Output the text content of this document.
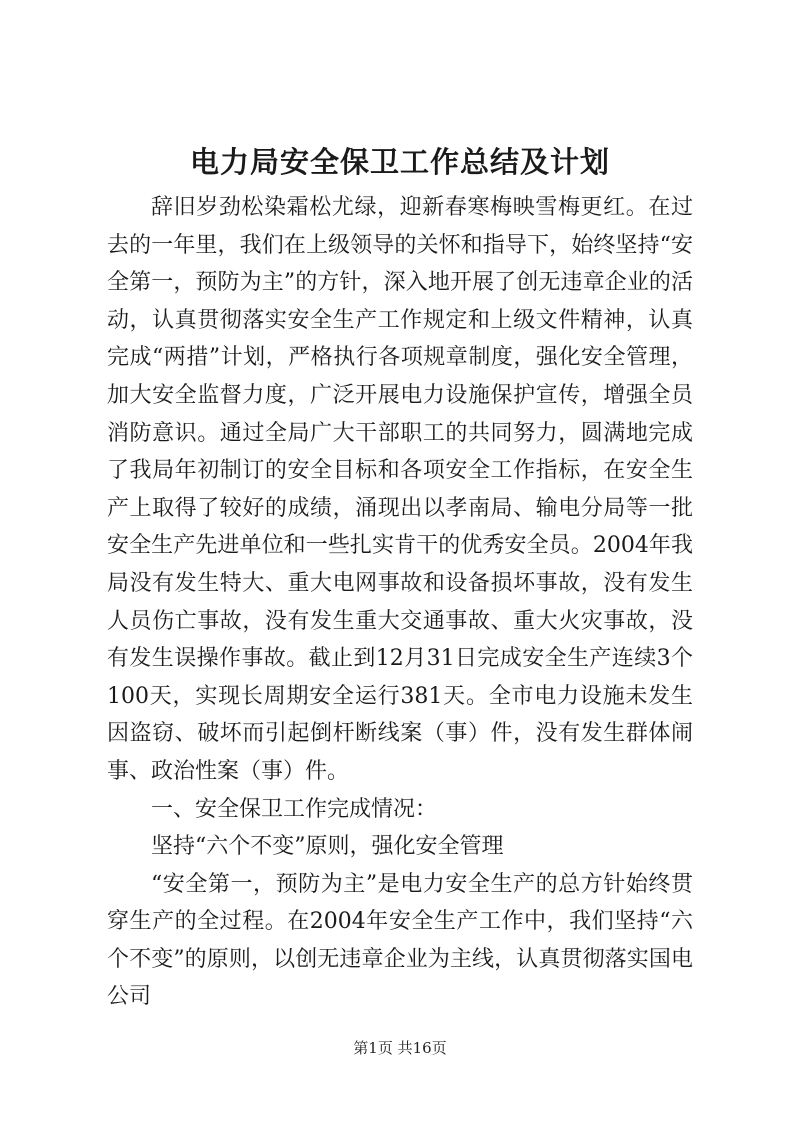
电力局安全保卫工作总结及计划

辞旧岁劲松染霜松尤绿，迎新春寒梅映雪梅更红。在过去的一年里，我们在上级领导的关怀和指导下，始终坚持“安全第一，预防为主”的方针，深入地开展了创无违章企业的活动，认真贯彻落实安全生产工作规定和上级文件精神，认真完成“两措”计划，严格执行各项规章制度，强化安全管理，加大安全监督力度，广泛开展电力设施保护宣传，增强全员消防意识。通过全局广大干部职工的共同努力，圆满地完成了我局年初制订的安全目标和各项安全工作指标，在安全生产上取得了较好的成绩，涌现出以孝南局、输电分局等一批安全生产先进单位和一些扎实肯干的优秀安全员。2004年我局没有发生特大、重大电网事故和设备损坏事故，没有发生人员伤亡事故，没有发生重大交通事故、重大火灾事故，没有发生误操作事故。截止到12月31日完成安全生产连续3个100天，实现长周期安全运行381天。全市电力设施未发生因盗窃、破坏而引起倒杆断线案（事）件，没有发生群体闹事、政治性案（事）件。

一、安全保卫工作完成情况：

坚持“六个不变”原则，强化安全管理

“安全第一，预防为主”是电力安全生产的总方针始终贯穿生产的全过程。在2004年安全生产工作中，我们坚持“六个不变”的原则，以创无违章企业为主线，认真贯彻落实国电公司

第1页 共16页
